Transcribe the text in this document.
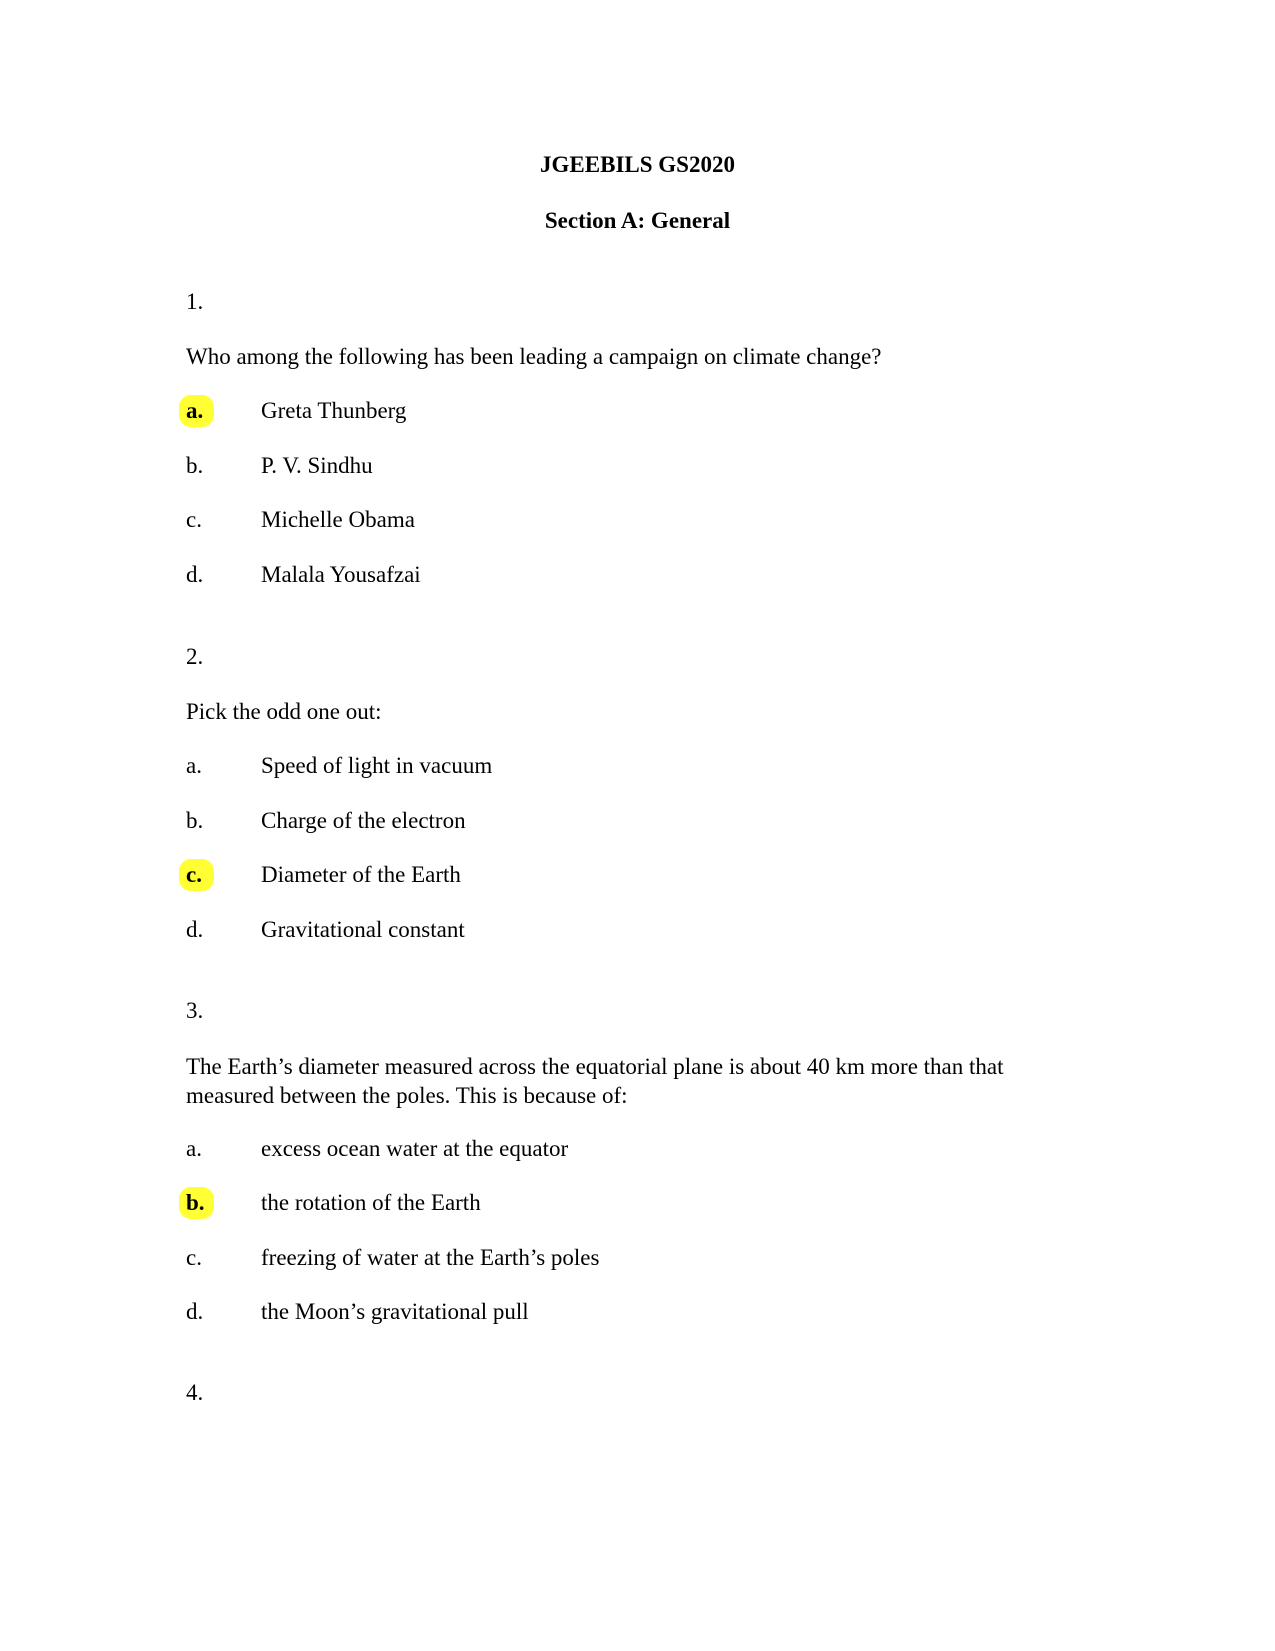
JGEEBILS GS2020
Section A: General
1.
Who among the following has been leading a campaign on climate change?
a.	Greta Thunberg
b.	P. V. Sindhu
c.	Michelle Obama
d.	Malala Yousafzai
2.
Pick the odd one out:
a.	Speed of light in vacuum
b.	Charge of the electron
c.	Diameter of the Earth
d.	Gravitational constant
3.
The Earth’s diameter measured across the equatorial plane is about 40 km more than that measured between the poles. This is because of:
a.	excess ocean water at the equator
b.	the rotation of the Earth
c.	freezing of water at the Earth’s poles
d.	the Moon’s gravitational pull
4.
